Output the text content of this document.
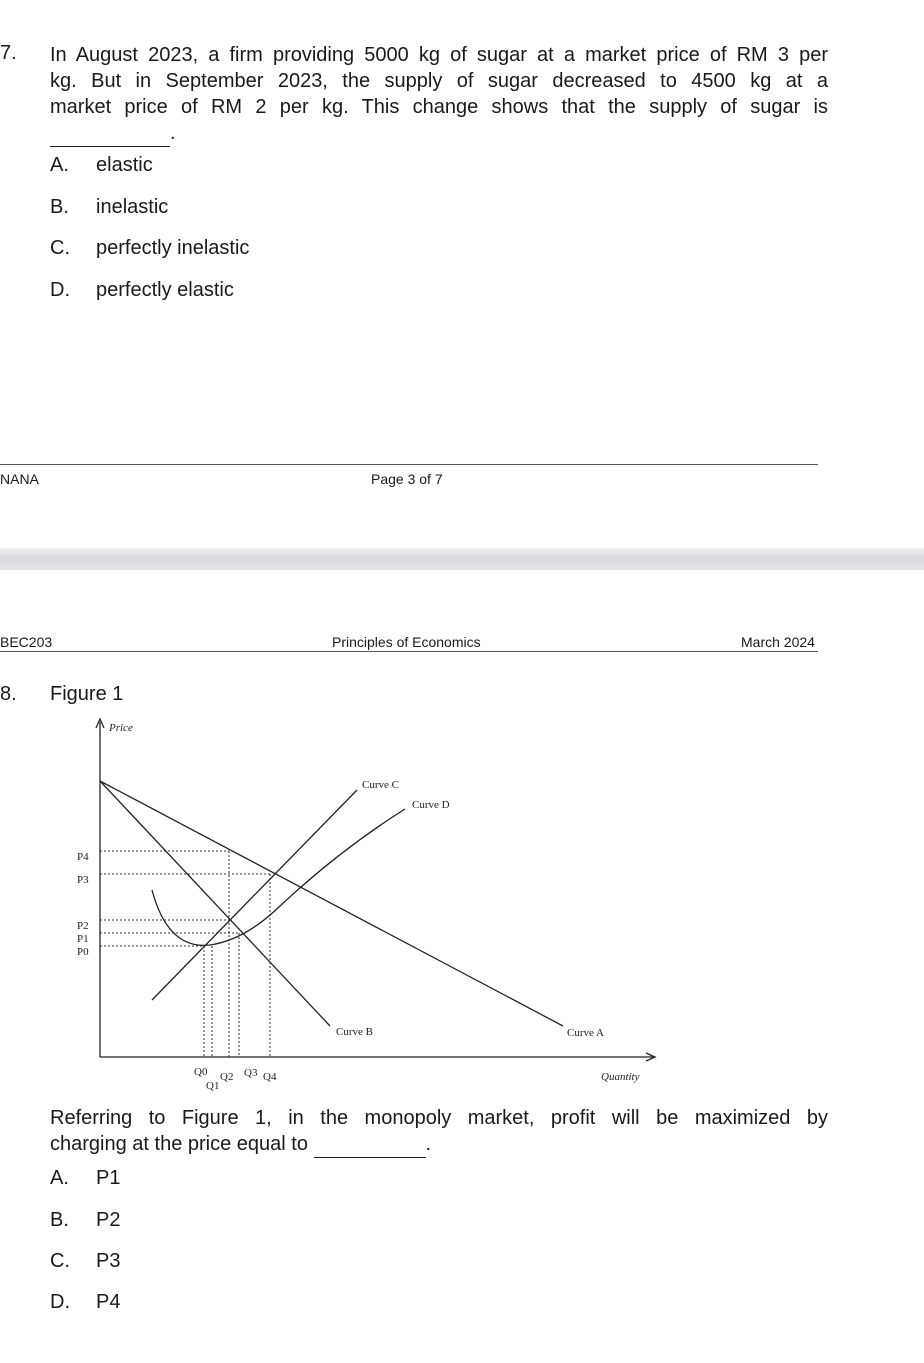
7. In August 2023, a firm providing 5000 kg of sugar at a market price of RM 3 per
kg. But in September 2023, the supply of sugar decreased to 4500 kg at a
market price of RM 2 per kg. This change shows that the supply of sugar is
.
A. elastic
B. inelastic
C. perfectly inelastic
D. perfectly elastic
NANA	Page 3 of 7
BEC203	Principles of Economics	March 2024
8. Figure 1
Price
Quantity
Curve C
Curve D
Curve B	Curve A
P4
P3
P2
P1
P0
Q0
Q1
Q2 Q3 Q4
Referring to Figure 1, in the monopoly market, profit will be maximized by
charging at the price equal to	.
A. P1
B. P2
C. P3
D. P4
